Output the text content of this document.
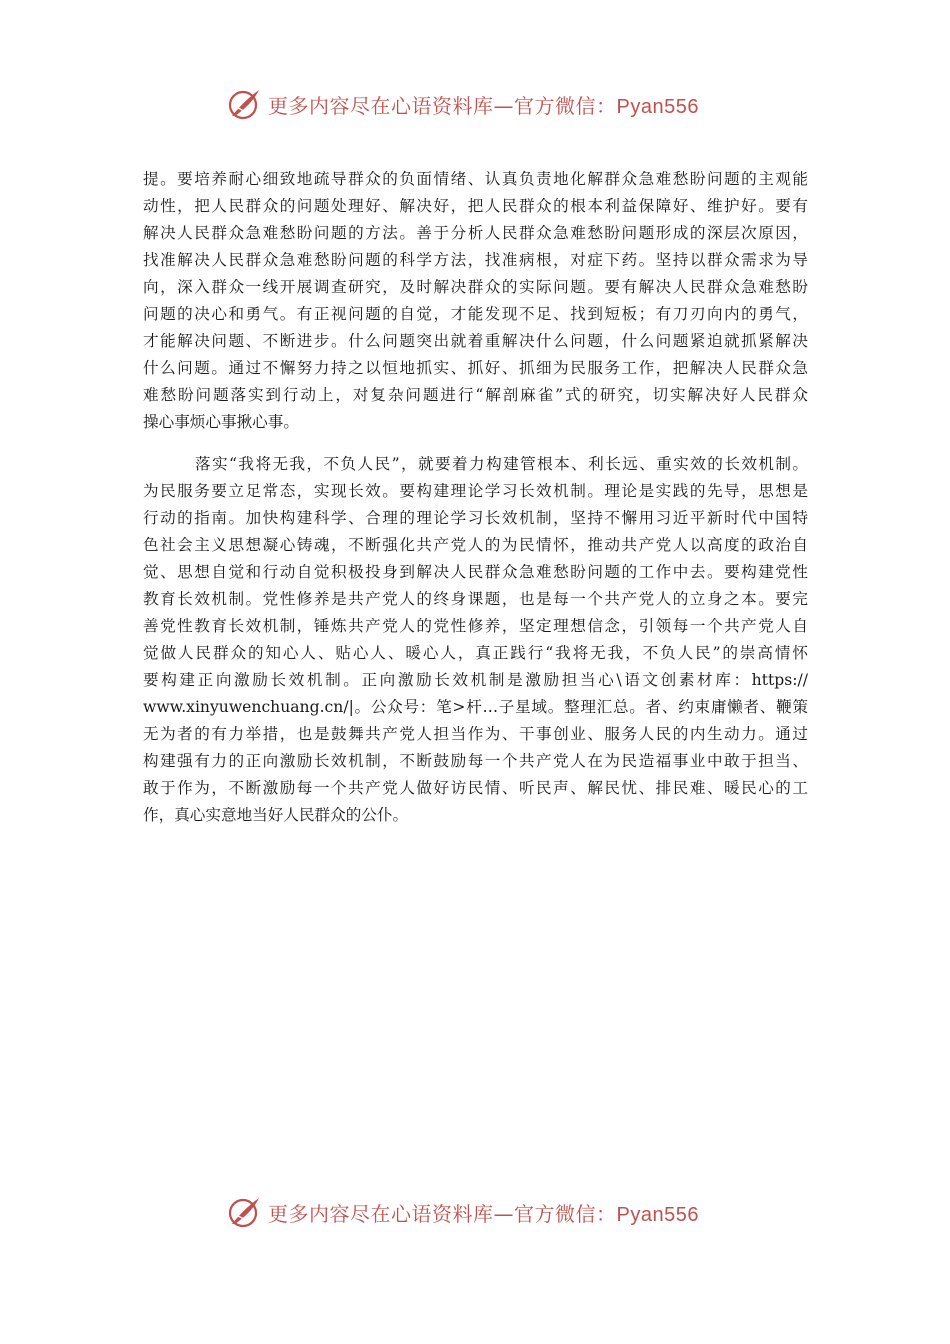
更多内容尽在心语资料库—官方微信：Pyan556
提。要培养耐心细致地疏导群众的负面情绪、认真负责地化解群众急难愁盼问题的主观能
动性，把人民群众的问题处理好、解决好，把人民群众的根本利益保障好、维护好。要有
解决人民群众急难愁盼问题的方法。善于分析人民群众急难愁盼问题形成的深层次原因，
找准解决人民群众急难愁盼问题的科学方法，找准病根，对症下药。坚持以群众需求为导
向，深入群众一线开展调查研究，及时解决群众的实际问题。要有解决人民群众急难愁盼
问题的决心和勇气。有正视问题的自觉，才能发现不足、找到短板；有刀刃向内的勇气，
才能解决问题、不断进步。什么问题突出就着重解决什么问题，什么问题紧迫就抓紧解决
什么问题。通过不懈努力持之以恒地抓实、抓好、抓细为民服务工作，把解决人民群众急
难愁盼问题落实到行动上，对复杂问题进行“解剖麻雀”式的研究，切实解决好人民群众
操心事烦心事揪心事。
落实“我将无我，不负人民”，就要着力构建管根本、利长远、重实效的长效机制。
为民服务要立足常态，实现长效。要构建理论学习长效机制。理论是实践的先导，思想是
行动的指南。加快构建科学、合理的理论学习长效机制，坚持不懈用习近平新时代中国特
色社会主义思想凝心铸魂，不断强化共产党人的为民情怀，推动共产党人以高度的政治自
觉、思想自觉和行动自觉积极投身到解决人民群众急难愁盼问题的工作中去。要构建党性
教育长效机制。党性修养是共产党人的终身课题，也是每一个共产党人的立身之本。要完
善党性教育长效机制，锤炼共产党人的党性修养，坚定理想信念，引领每一个共产党人自
觉做人民群众的知心人、贴心人、暖心人，真正践行“我将无我，不负人民”的崇高情怀
要构建正向激励长效机制。正向激励长效机制是激励担当心\语文创素材库：https://
www.xinyuwenchuang.cn/|。公众号：笔>杆…子星域。整理汇总。者、约束庸懒者、鞭策
无为者的有力举措，也是鼓舞共产党人担当作为、干事创业、服务人民的内生动力。通过
构建强有力的正向激励长效机制，不断鼓励每一个共产党人在为民造福事业中敢于担当、
敢于作为，不断激励每一个共产党人做好访民情、听民声、解民忧、排民难、暖民心的工
作，真心实意地当好人民群众的公仆。
更多内容尽在心语资料库—官方微信：Pyan556
